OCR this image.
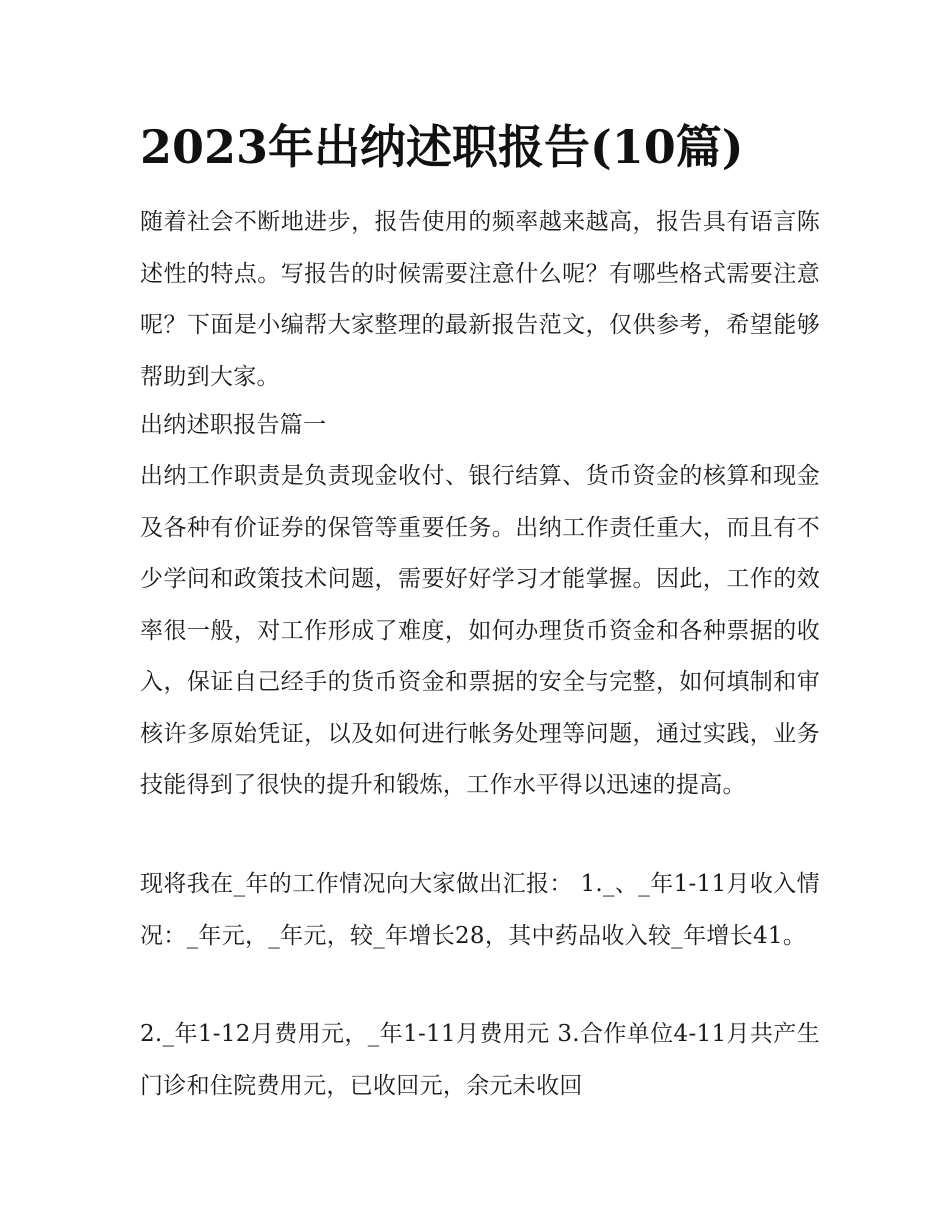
2023年出纳述职报告(10篇)

随着社会不断地进步，报告使用的频率越来越高，报告具有语言陈述性的特点。写报告的时候需要注意什么呢？有哪些格式需要注意呢？下面是小编帮大家整理的最新报告范文，仅供参考，希望能够帮助到大家。

出纳述职报告篇一

出纳工作职责是负责现金收付、银行结算、货币资金的核算和现金及各种有价证券的保管等重要任务。出纳工作责任重大，而且有不少学问和政策技术问题，需要好好学习才能掌握。因此，工作的效率很一般，对工作形成了难度，如何办理货币资金和各种票据的收入，保证自己经手的货币资金和票据的安全与完整，如何填制和审核许多原始凭证，以及如何进行帐务处理等问题，通过实践，业务技能得到了很快的提升和锻炼，工作水平得以迅速的提高。

现将我在_年的工作情况向大家做出汇报： 1._、_年1-11月收入情况：_年元，_年元，较_年增长28，其中药品收入较_年增长41。

2._年1-12月费用元，_年1-11月费用元 3.合作单位4-11月共产生门诊和住院费用元，已收回元，余元未收回
